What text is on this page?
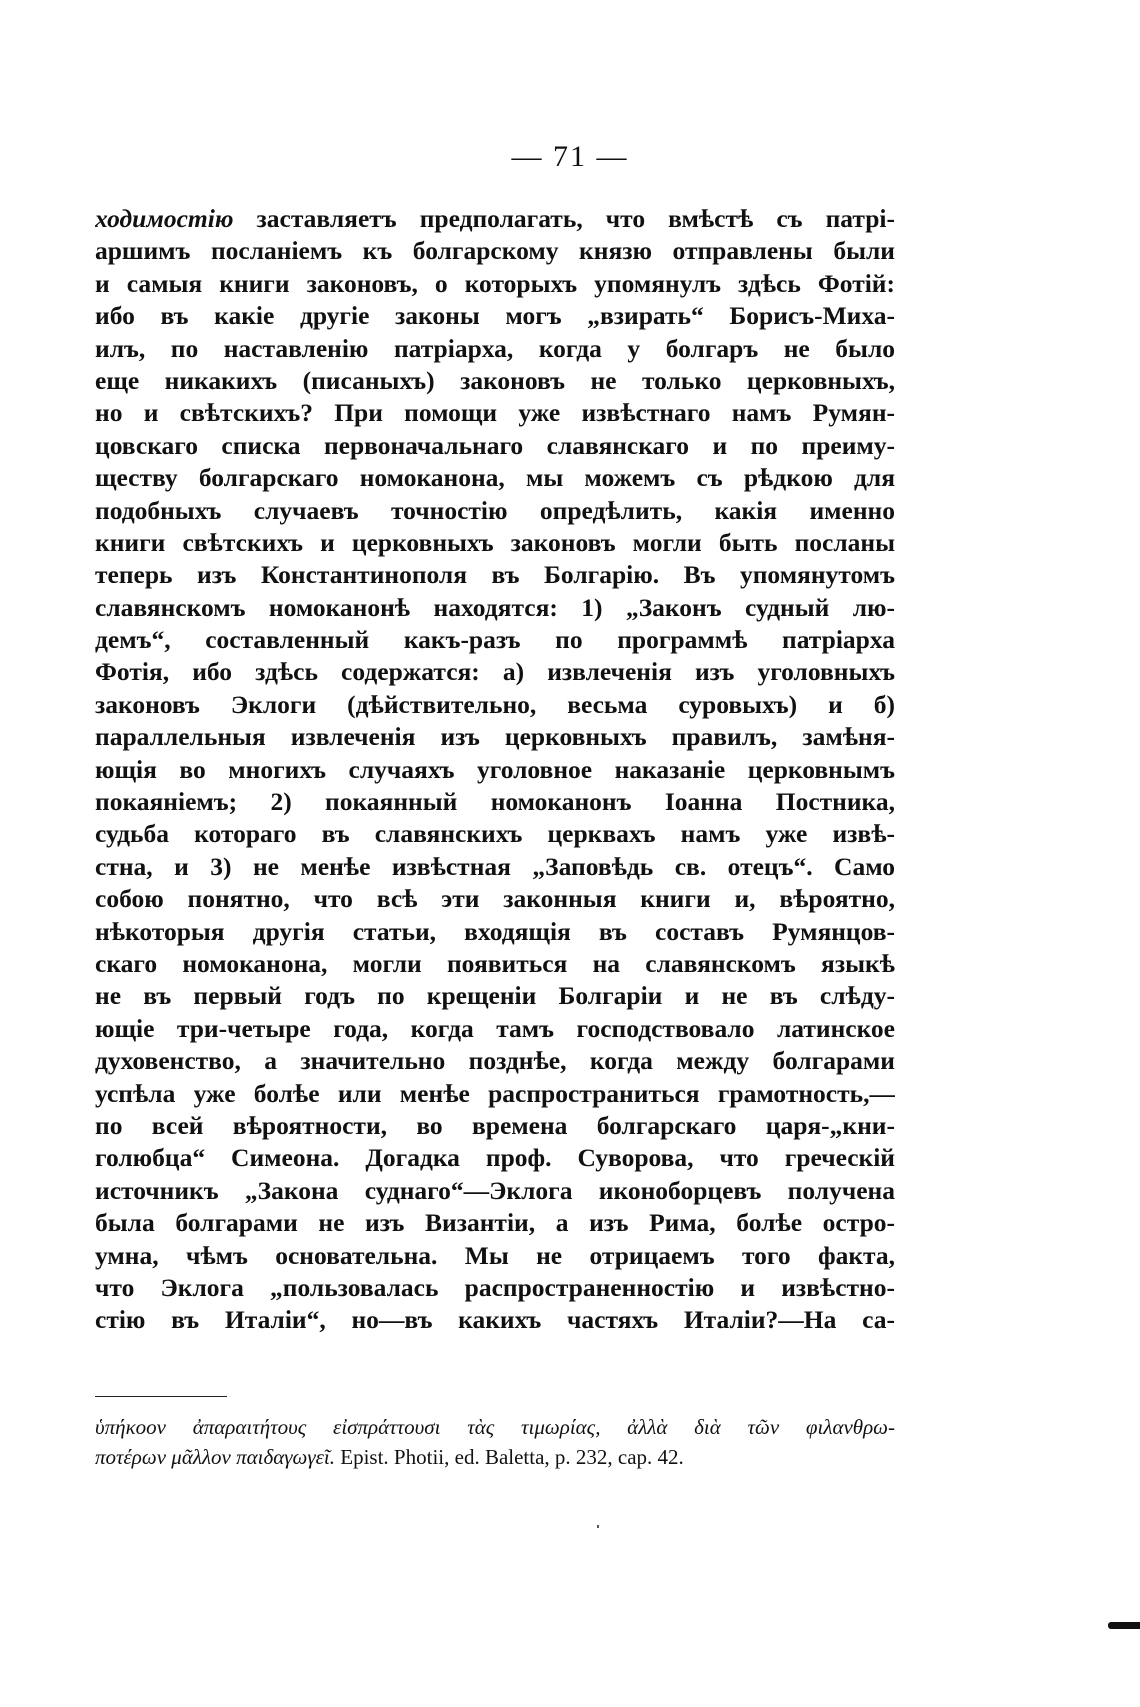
— 71 —
ходимостію заставляетъ предполагать, что вмѣстѣ съ патрі-
аршимъ посланіемъ къ болгарскому князю отправлены были
и самыя книги законовъ, о которыхъ упомянулъ здѣсь Фотій:
ибо въ какіе другіе законы могъ „взирать“ Борисъ-Миха-
илъ, по наставленію патріарха, когда у болгаръ не было
еще никакихъ (писаныхъ) законовъ не только церковныхъ,
но и свѣтскихъ? При помощи уже извѣстнаго намъ Румян-
цовскаго списка первоначальнаго славянскаго и по преиму-
ществу болгарскаго номоканона, мы можемъ съ рѣдкою для
подобныхъ случаевъ точностію опредѣлить, какія именно
книги свѣтскихъ и церковныхъ законовъ могли быть посланы
теперь изъ Константинополя въ Болгарію. Въ упомянутомъ
славянскомъ номоканонѣ находятся: 1) „Законъ судный лю-
демъ“, составленный какъ-разъ по программѣ патріарха
Фотія, ибо здѣсь содержатся: а) извлеченія изъ уголовныхъ
законовъ Эклоги (дѣйствительно, весьма суровыхъ) и б)
параллельныя извлеченія изъ церковныхъ правилъ, замѣня-
ющія во многихъ случаяхъ уголовное наказаніе церковнымъ
покаяніемъ; 2) покаянный номоканонъ Іоанна Постника,
судьба котораго въ славянскихъ церквахъ намъ уже извѣ-
стна, и 3) не менѣе извѣстная „Заповѣдь св. отецъ“. Само
собою понятно, что всѣ эти законныя книги и, вѣроятно,
нѣкоторыя другія статьи, входящія въ составъ Румянцов-
скаго номоканона, могли появиться на славянскомъ языкѣ
не въ первый годъ по крещеніи Болгаріи и не въ слѣду-
ющіе три-четыре года, когда тамъ господствовало латинское
духовенство, а значительно позднѣе, когда между болгарами
успѣла уже болѣе или менѣе распространиться грамотность,—
по всей вѣроятности, во времена болгарскаго царя-„кни-
голюбца“ Симеона. Догадка проф. Суворова, что греческій
источникъ „Закона суднаго“—Эклога иконоборцевъ получена
была болгарами не изъ Византіи, а изъ Рима, болѣе остро-
умна, чѣмъ основательна. Мы не отрицаемъ того факта,
что Эклога „пользовалась распространенностію и извѣстно-
стію въ Италіи“, но—въ какихъ частяхъ Италіи?—На са-
ὑπήκοον ἀπαραιτήτους εἰσπράττουσι τὰς τιμωρίας, ἀλλὰ διὰ τῶν φιλανθρω-
ποτέρων μᾶλλον παιδαγωγεῖ. Epist. Photii, ed. Baletta, p. 232, cap. 42.
